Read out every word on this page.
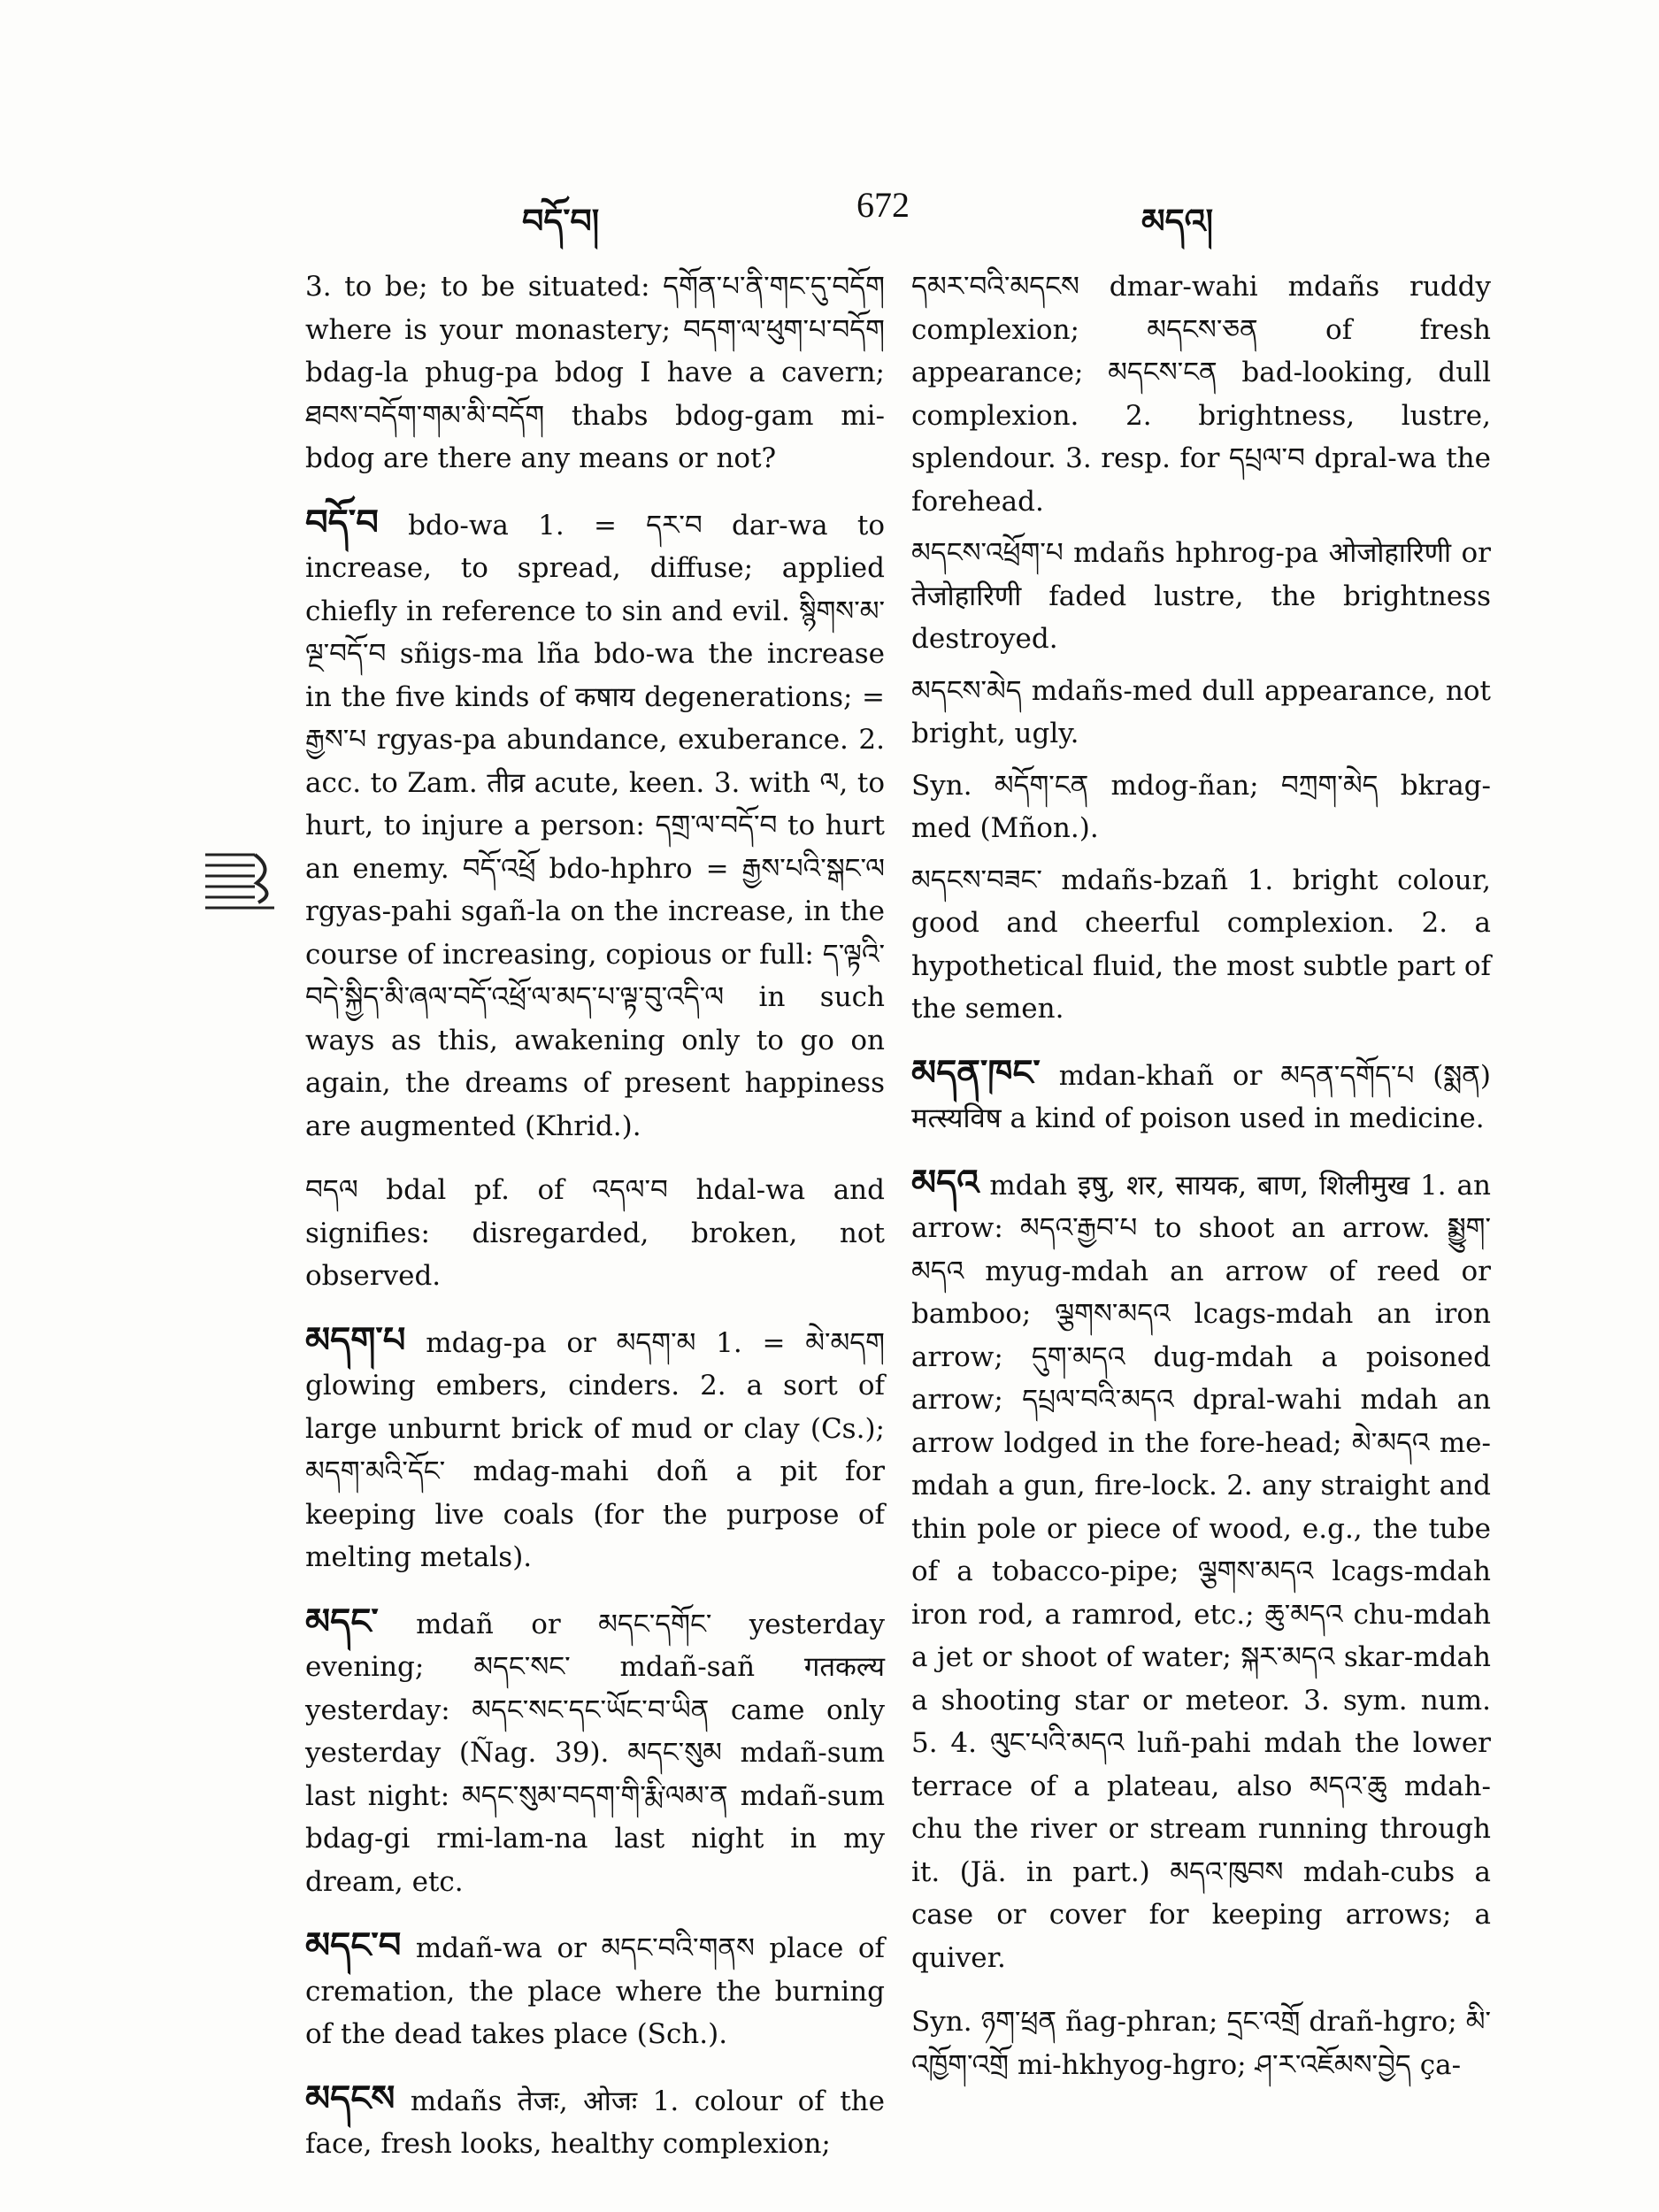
བདོ་བ།	672	མདའ།

3. to be; to be situated: དགོན་པ་ནི་གང་དུ་བདོག where is your monastery; བདག་ལ་ཕུག་པ་བདོག bdag-la phug-pa bdog I have a cavern; ཐབས་བདོག་གམ་མི་བདོག thabs bdog-gam mi-bdog are there any means or not?

བདོ་བ bdo-wa 1. = དར་བ dar-wa to increase, to spread, diffuse; applied chiefly in reference to sin and evil. སྙིགས་མ་ལྔ་བདོ་བ sñigs-ma lña bdo-wa the increase in the five kinds of कषाय degenerations; = རྒྱས་པ rgyas-pa abundance, exuberance. 2. acc. to Zam. तीव्र acute, keen. 3. with ལ, to hurt, to injure a person: དགྲ་ལ་བདོ་བ to hurt an enemy. བདོ་འཕྲོ bdo-hphro = རྒྱས་པའི་སྒང་ལ rgyas-pahi sgañ-la on the increase, in the course of increasing, copious or full: ད་ལྟའི་བདེ་སྐྱིད་མི་ཞལ་བདོ་འཕྲོ་ལ་མད་པ་ལྟ་བུ་འདི་ལ in such ways as this, awakening only to go on again, the dreams of present happiness are augmented (Khrid.).

བདལ bdal pf. of འདལ་བ hdal-wa and signifies: disregarded, broken, not observed.

མདག་པ mdag-pa or མདག་མ 1. = མེ་མདག glowing embers, cinders. 2. a sort of large unburnt brick of mud or clay (Cs.); མདག་མའི་དོང་ mdag-mahi doñ a pit for keeping live coals (for the purpose of melting metals).

མདང་ mdañ or མདང་དགོང་ yesterday evening; མདང་སང་ mdañ-sañ गतकल्य yesterday: མདང་སང་དང་ཡོང་བ་ཡིན came only yesterday (Ñag. 39). མདང་སུམ mdañ-sum last night: མདང་སུམ་བདག་གི་རྨི་ལམ་ན mdañ-sum bdag-gi rmi-lam-na last night in my dream, etc.

མདང་བ mdañ-wa or མདང་བའི་གནས place of cremation, the place where the burning of the dead takes place (Sch.).

མདངས mdañs तेजः, ओजः 1. colour of the face, fresh looks, healthy complexion;

དམར་བའི་མདངས dmar-wahi mdañs ruddy complexion; མདངས་ཅན of fresh appearance; མདངས་ངན bad-looking, dull complexion. 2. brightness, lustre, splendour. 3. resp. for དཔྲལ་བ dpral-wa the forehead.

མདངས་འཕྲོག་པ mdañs hphrog-pa ओजोहारिणी or तेजोहारिणी faded lustre, the brightness destroyed.

མདངས་མེད mdañs-med dull appearance, not bright, ugly.

Syn. མདོག་ངན mdog-ñan; བཀྲག་མེད bkrag-med (Mñon.).

མདངས་བཟང་ mdañs-bzañ 1. bright colour, good and cheerful complexion. 2. a hypothetical fluid, the most subtle part of the semen.

མདན་ཁང་ mdan-khañ or མདན་དགོད་པ (སྨན) मत्स्यविष a kind of poison used in medicine.

མདའ mdah इषु, शर, सायक, बाण, शिलीमुख 1. an arrow: མདའ་རྒྱབ་པ to shoot an arrow. སྨྱུག་མདའ myug-mdah an arrow of reed or bamboo; ལྕགས་མདའ lcags-mdah an iron arrow; དུག་མདའ dug-mdah a poisoned arrow; དཔྲལ་བའི་མདའ dpral-wahi mdah an arrow lodged in the fore-head; མེ་མདའ me-mdah a gun, fire-lock. 2. any straight and thin pole or piece of wood, e.g., the tube of a tobacco-pipe; ལྕགས་མདའ lcags-mdah iron rod, a ramrod, etc.; ཆུ་མདའ chu-mdah a jet or shoot of water; སྐར་མདའ skar-mdah a shooting star or meteor. 3. sym. num. 5. 4. ལུང་པའི་མདའ luñ-pahi mdah the lower terrace of a plateau, also མདའ་ཆུ mdah-chu the river or stream running through it. (Jä. in part.) མདའ་ཁུབས mdah-cubs a case or cover for keeping arrows; a quiver.

Syn. ཉག་ཕྲན ñag-phran; དྲང་འགྲོ drañ-hgro; མི་འཁྱོག་འགྲོ mi-hkhyog-hgro; ཤ་ར་འཇོམས་བྱེད ça-
